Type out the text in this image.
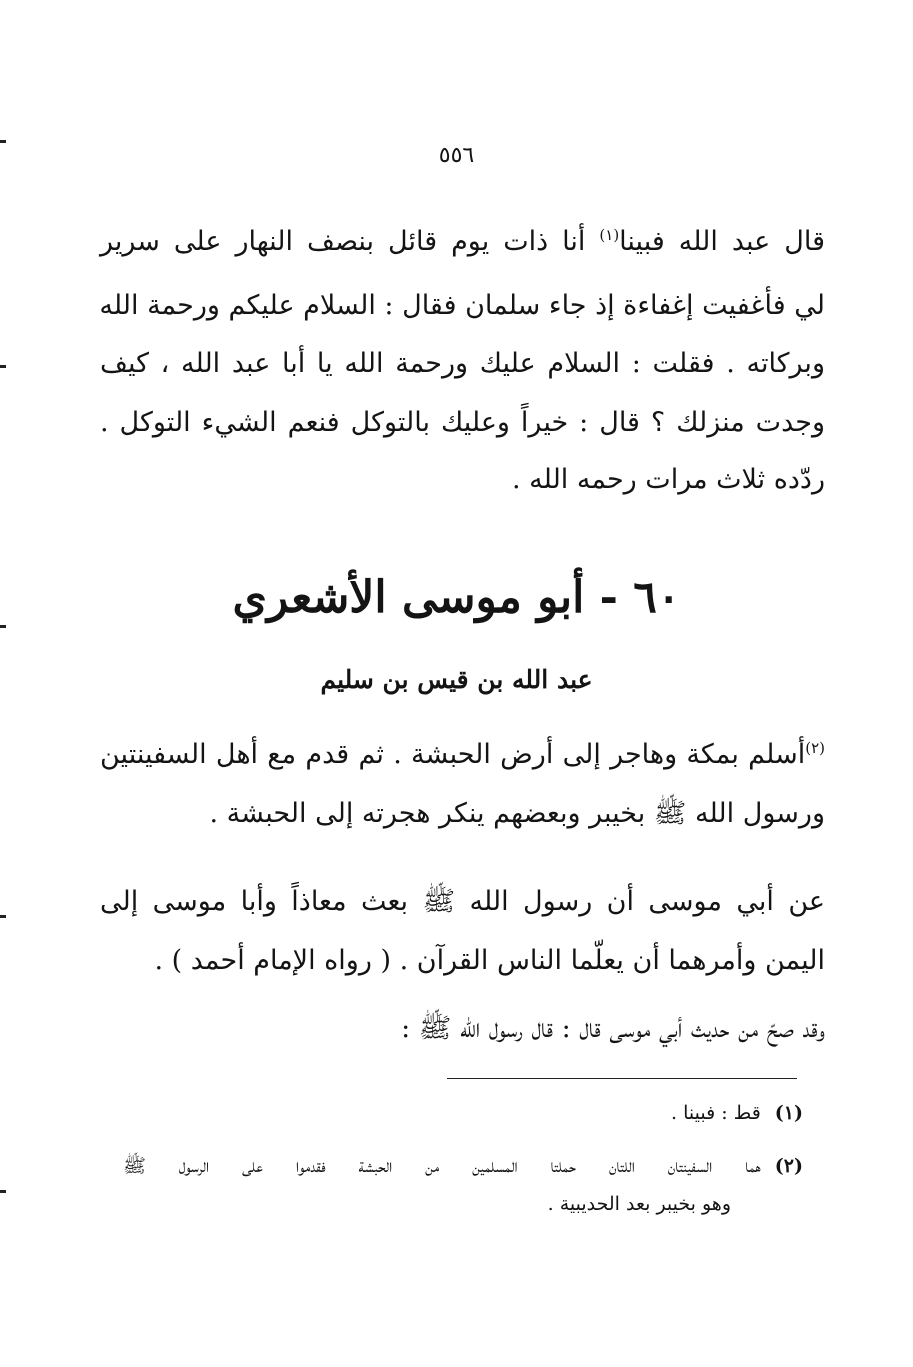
٥٥٦
قال عبد الله فبينا$^{(١)}$ أنا ذات يوم قائل بنصف النهار على سرير
لي فأغفيت إغفاءة إذ جاء سلمان فقال : السلام عليكم ورحمة الله
وبركاته . فقلت : السلام عليك ورحمة الله يا أبا عبد الله ، كيف
وجدت منزلك ؟ قال : خيراً وعليك بالتوكل فنعم الشيء التوكل .
ردّده ثلاث مرات رحمه الله .
٦٠ - أبو موسى الأشعري
عبد الله بن قيس بن سليم
$^{(٢)}$أسلم بمكة وهاجر إلى أرض الحبشة . ثم قدم مع أهل السفينتين
ورسول الله ﷺ بخيبر وبعضهم ينكر هجرته إلى الحبشة .
عن أبي موسى أن رسول الله ﷺ بعث معاذاً وأبا موسى إلى
اليمن وأمرهما أن يعلّما الناس القرآن . ( رواه الإمام أحمد ) .
وقد صحّ من حديث أبي موسى قال : قال رسول الله ﷺ :
(١)قط : فبينا .
(٢)هما السفينتان اللتان حملتا المسلمين من الحبشة فقدموا على الرسول ﷺ
وهو بخيبر بعد الحديبية .
